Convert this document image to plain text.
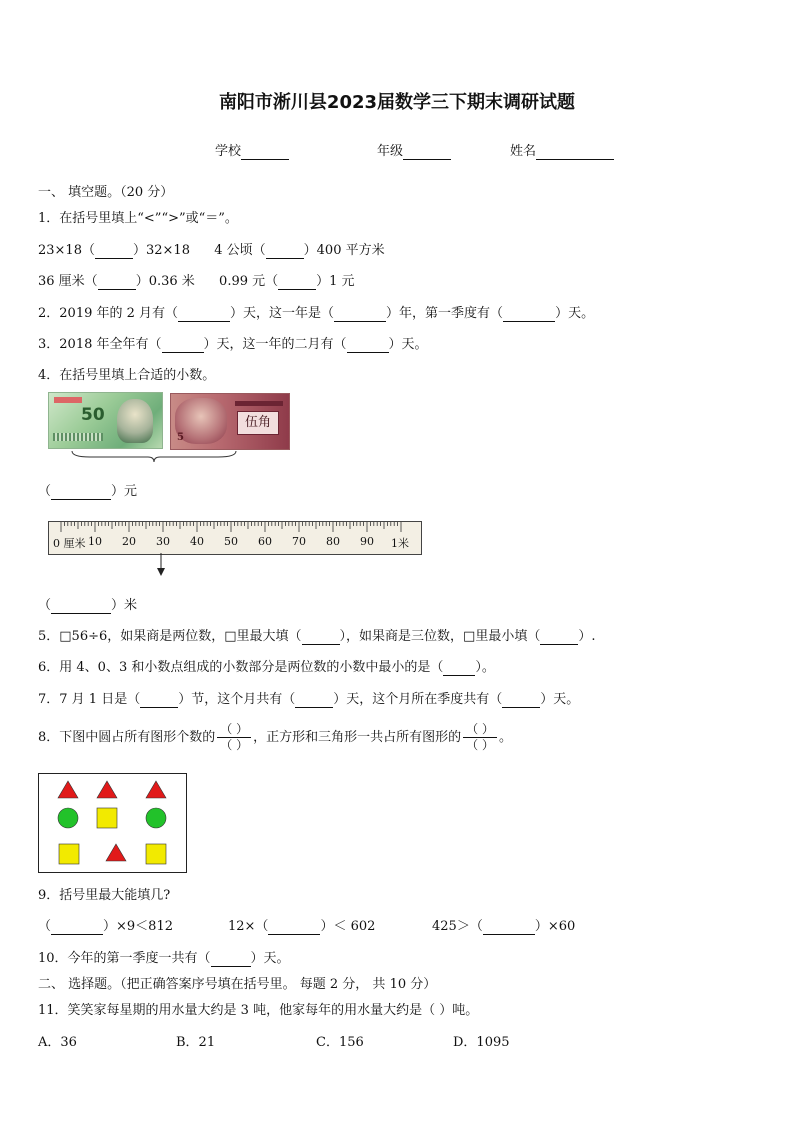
南阳市淅川县2023届数学三下期末调研试题
学校	年级	姓名
一、 填空题。（20 分）
1．在括号里填上“<”“>”或“＝”。
23×18（	）32×18 4 公顷（	）400 平方米
36 厘米（	）0.36 米 0.99 元（	）1 元
2．2019 年的 2 月有（	）天，这一年是（	）年，第一季度有（	）天。
3．2018 年全年有（	）天，这一年的二月有（	）天。
4．在括号里填上合适的小数。
50
5
伍角
（	）元
0 厘米 10 20 30 40 50 60 70 80 90 1米
（	）米
5．□56÷6，如果商是两位数，□里最大填（	），如果商是三位数，□里最小填（	）.
6．用 4、0、3 和小数点组成的小数部分是两位数的小数中最小的是（ ）。
7．7 月 1 日是（	）节，这个月共有（	）天，这个月所在季度共有（	）天。
8．下图中圆占所有图形个数的 $\frac{( )}{( )}$ ，正方形和三角形一共占所有图形的 $\frac{( )}{( )}$ 。
9．括号里最大能填几?
（	）×9＜812	12×（	）＜ 602	425＞（	）×60
10．今年的第一季度一共有（	）天。
二、 选择题。（把正确答案序号填在括号里。 每题 2 分， 共 10 分）
11．笑笑家每星期的用水量大约是 3 吨，他家每年的用水量大约是（ ）吨。
A．36	B．21	C．156	D．1095
